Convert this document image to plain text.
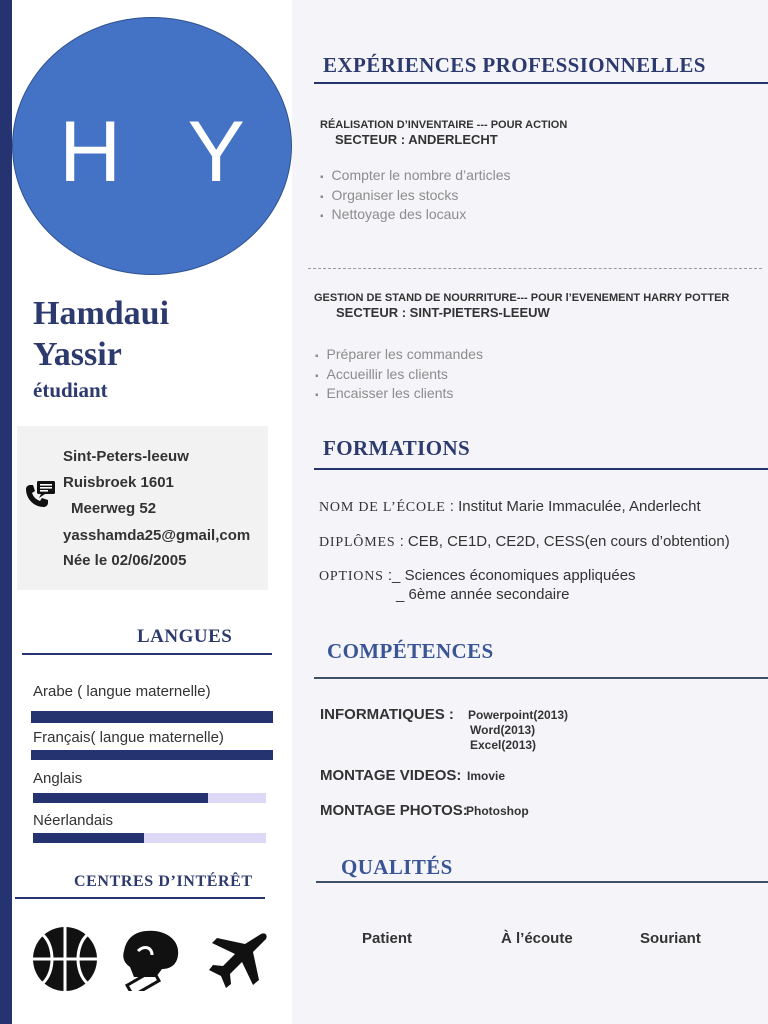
H Y
Hamdaui
Yassir
étudiant
Sint-Peters-leeuw
Ruisbroek 1601
Meerweg 52
yasshamda25@gmail,com
Née le 02/06/2005
LANGUES
Arabe ( langue maternelle)
Français( langue maternelle)
Anglais
Néerlandais
CENTRES D’INTÉRÊT
EXPÉRIENCES PROFESSIONNELLES
RÉALISATION D’INVENTAIRE --- POUR ACTION
SECTEUR : ANDERLECHT
▪ Compter le nombre d’articles
▪ Organiser les stocks
▪ Nettoyage des locaux
GESTION DE STAND DE NOURRITURE--- POUR l’EVENEMENT HARRY POTTER
SECTEUR : SINT-PIETERS-LEEUW
▪ Préparer les commandes
▪ Accueillir les clients
▪ Encaisser les clients
FORMATIONS
NOM DE L’ÉCOLE : Institut Marie Immaculée, Anderlecht
DIPLÔMES : CEB, CE1D, CE2D, CESS(en cours d’obtention)
OPTIONS :_ Sciences économiques appliquées
_ 6ème année secondaire
COMPÉTENCES
INFORMATIQUES : Powerpoint(2013)
Word(2013)
Excel(2013)
MONTAGE VIDEOS: Imovie
MONTAGE PHOTOS:
Photoshop
QUALITÉS
Patient	À l’écoute	Souriant
